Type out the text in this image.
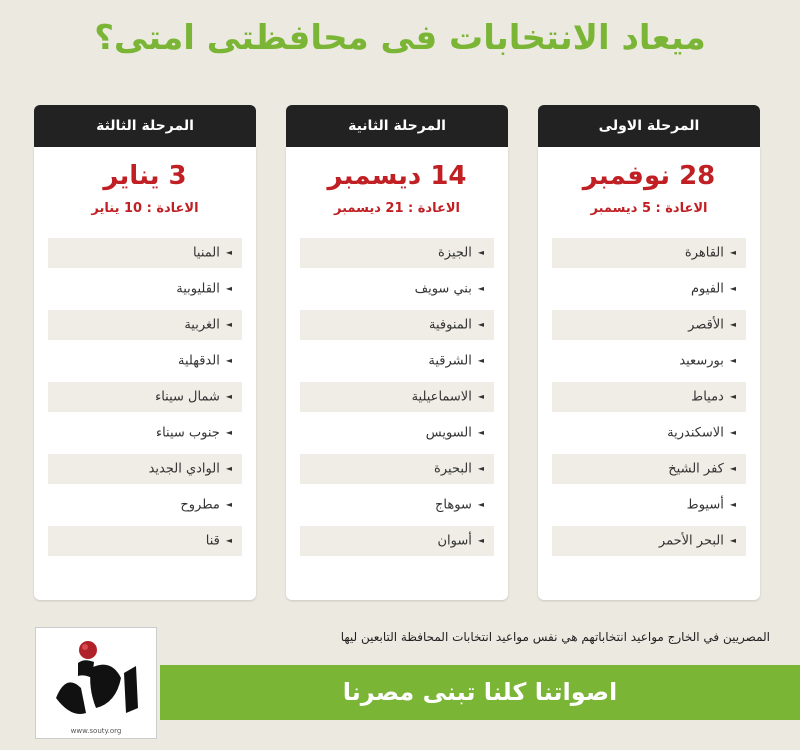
ميعاد الانتخابات فى محافظتى امتى؟
المرحلة الاولى
28 نوفمبر
الاعادة : 5 ديسمبر
◄القاهرة
◄الفيوم
◄الأقصر
◄بورسعيد
◄دمياط
◄الاسكندرية
◄كفر الشيخ
◄أسيوط
◄البحر الأحمر
المرحلة الثانية
14 ديسمبر
الاعادة : 21 ديسمبر
◄الجيزة
◄بني سويف
◄المنوفية
◄الشرقية
◄الاسماعيلية
◄السويس
◄البحيرة
◄سوهاج
◄أسوان
المرحلة الثالثة
3 يناير
الاعادة : 10 يناير
◄المنيا
◄القليوبية
◄الغربية
◄الدقهلية
◄شمال سيناء
◄جنوب سيناء
◄الوادي الجديد
◄مطروح
◄قنا
المصريين في الخارج مواعيد انتخاباتهم هي نفس مواعيد انتخابات المحافظة التابعين ليها
اصواتنا كلنا تبنى مصرنا
www.souty.org
